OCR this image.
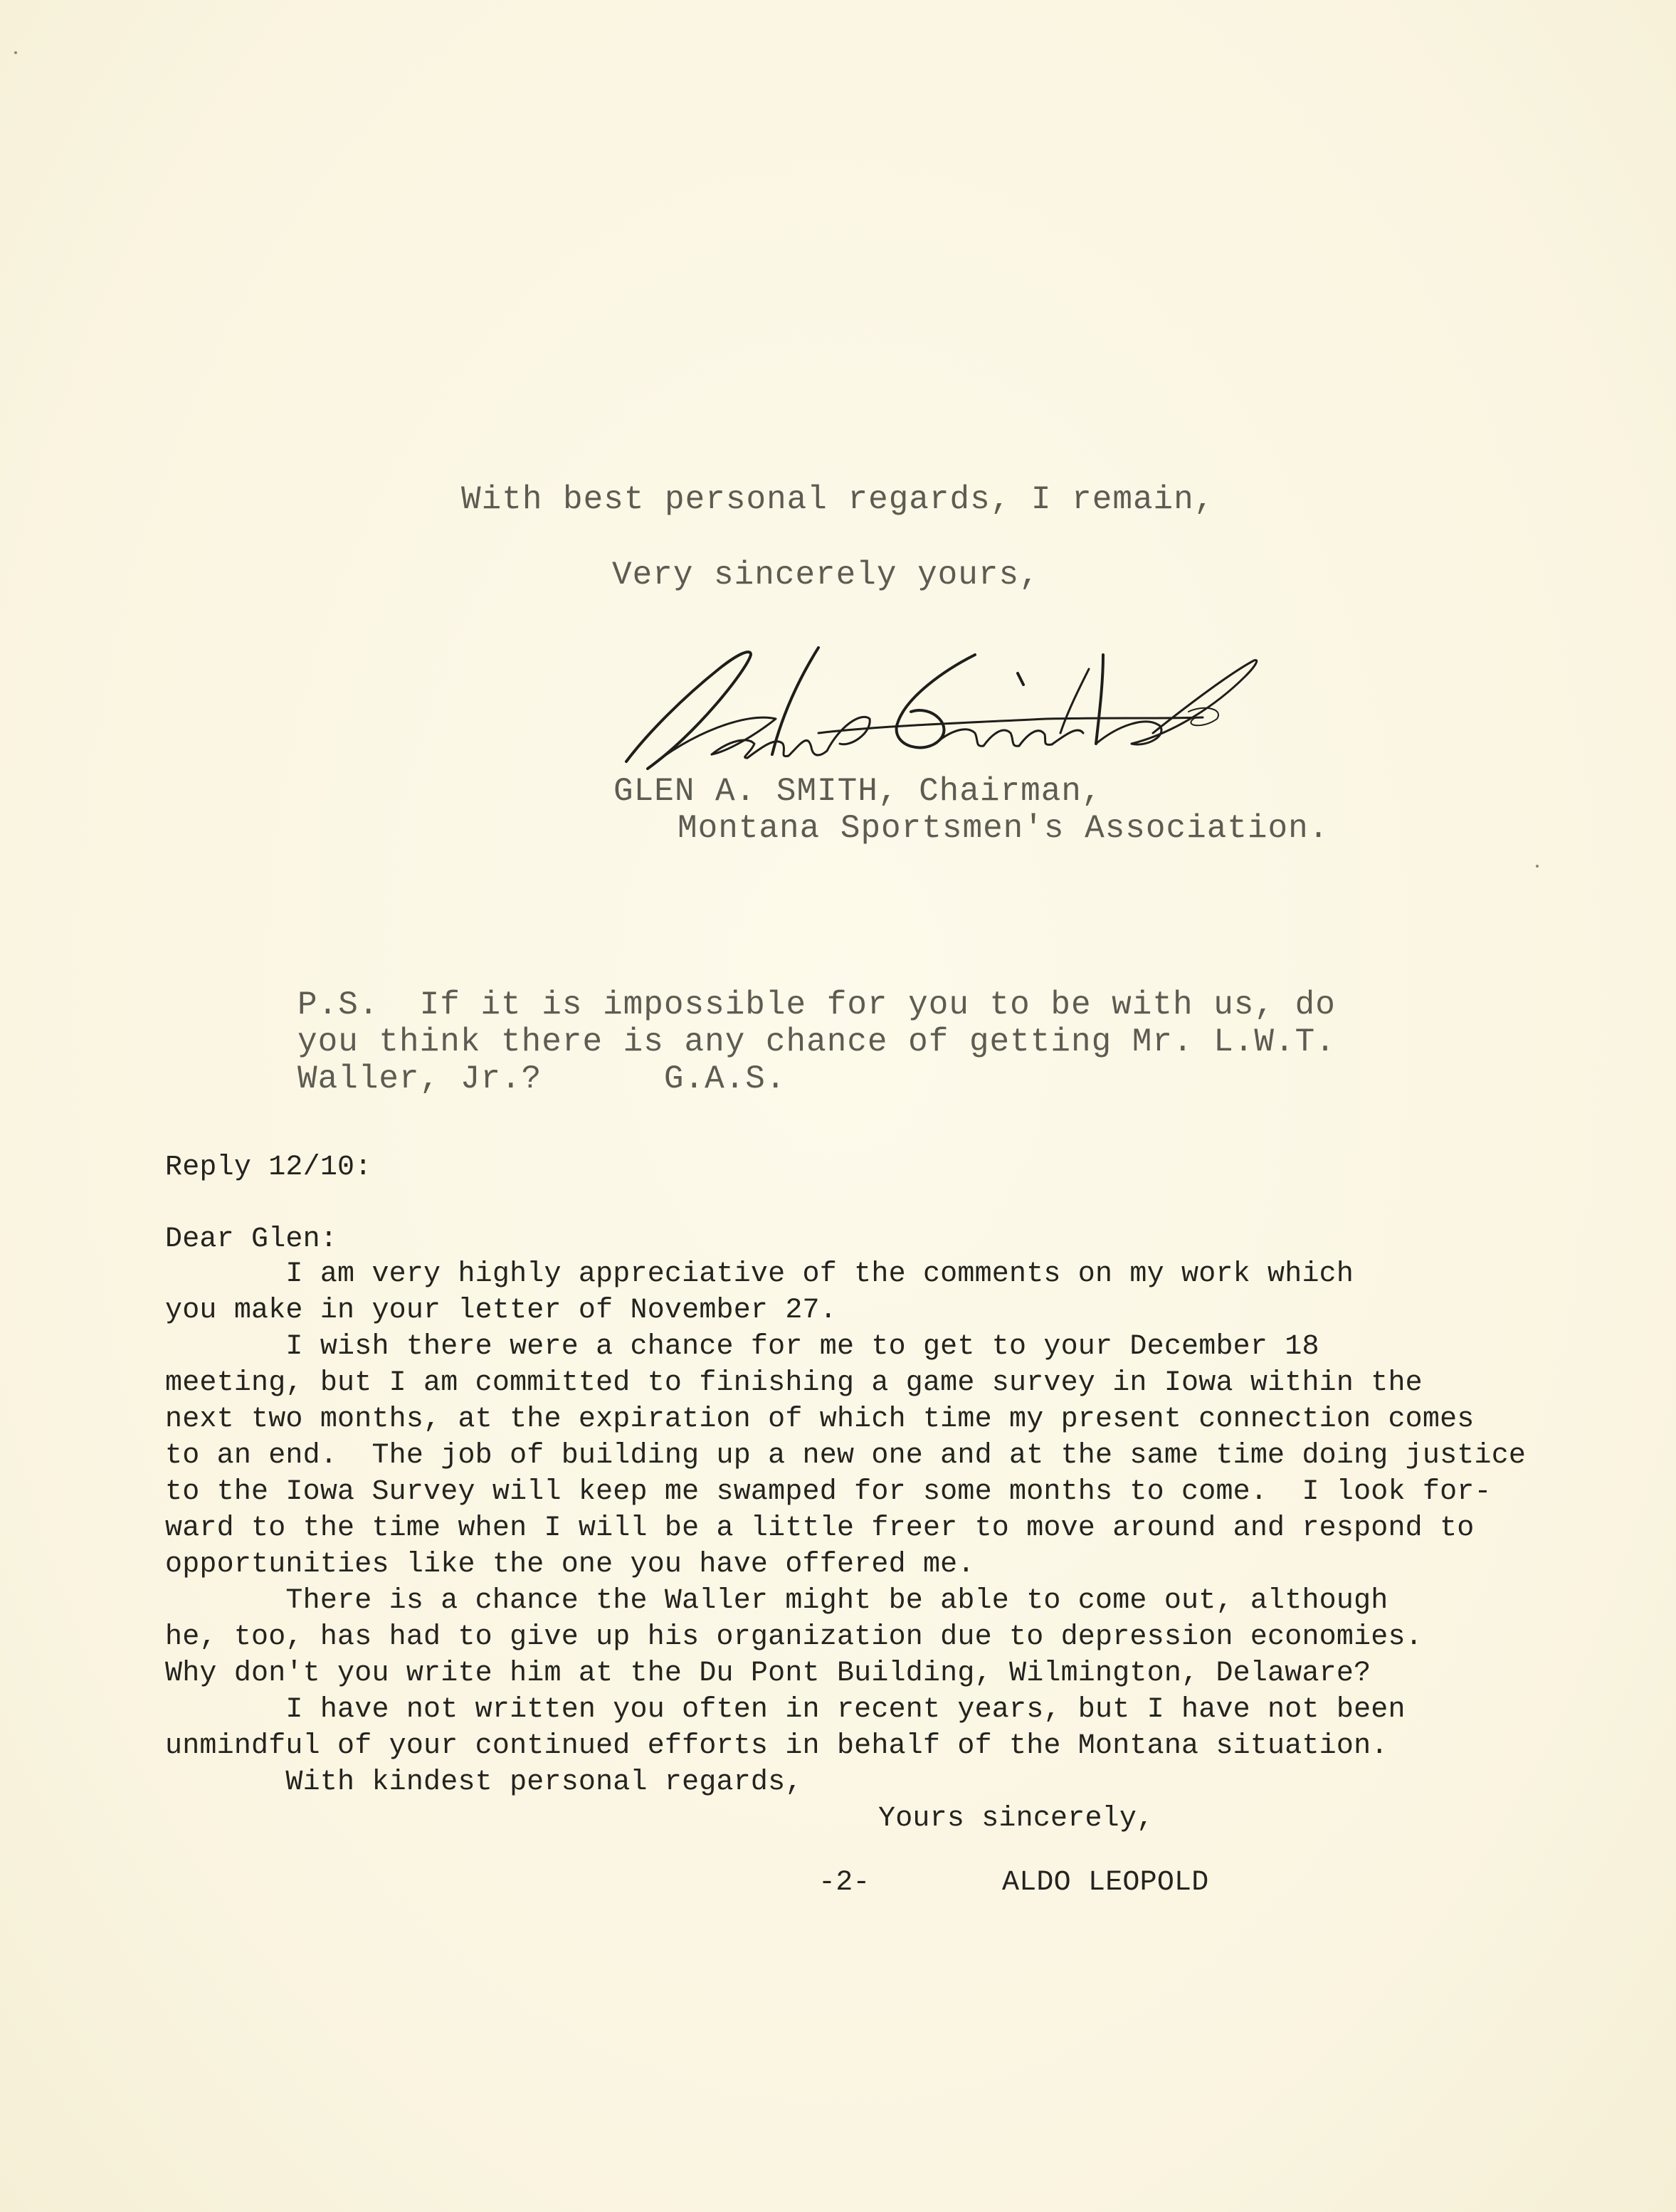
With best personal regards, I remain,
Very sincerely yours,
GLEN A. SMITH, Chairman,
Montana Sportsmen's Association.
P.S.  If it is impossible for you to be with us, do
you think there is any chance of getting Mr. L.W.T.
Waller, Jr.?      G.A.S.
Reply 12/10:
Dear Glen:
I am very highly appreciative of the comments on my work which
you make in your letter of November 27.
I wish there were a chance for me to get to your December 18
meeting, but I am committed to finishing a game survey in Iowa within the
next two months, at the expiration of which time my present connection comes
to an end.  The job of building up a new one and at the same time doing justice
to the Iowa Survey will keep me swamped for some months to come.  I look for-
ward to the time when I will be a little freer to move around and respond to
opportunities like the one you have offered me.
There is a chance the Waller might be able to come out, although
he, too, has had to give up his organization due to depression economies.
Why don't you write him at the Du Pont Building, Wilmington, Delaware?
I have not written you often in recent years, but I have not been
unmindful of your continued efforts in behalf of the Montana situation.
With kindest personal regards,
Yours sincerely,
-2-	ALDO LEOPOLD
